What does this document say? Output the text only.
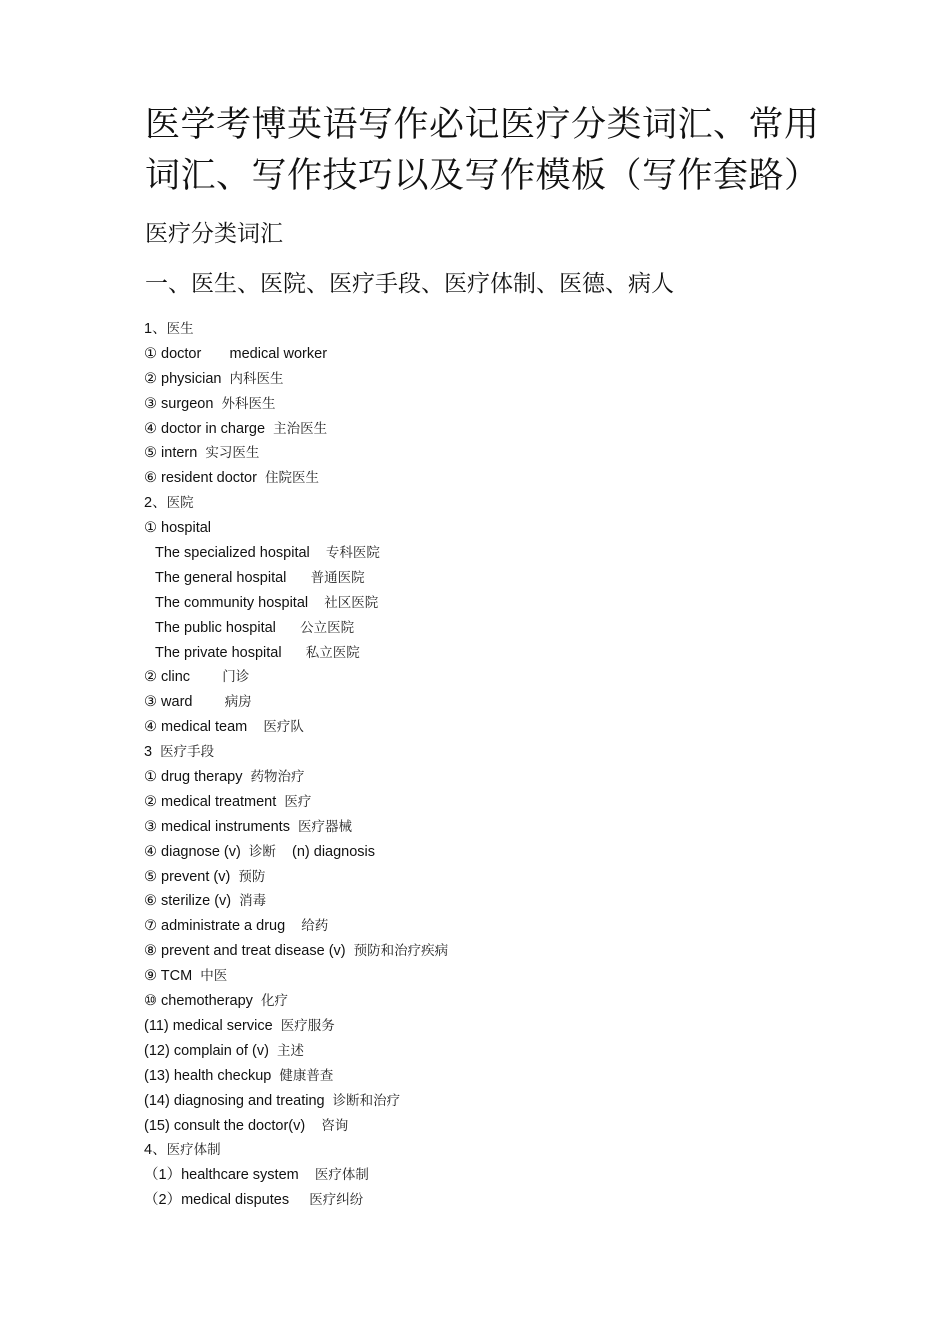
医学考博英语写作必记医疗分类词汇、常用词汇、写作技巧以及写作模板（写作套路）
医疗分类词汇
一、医生、医院、医疗手段、医疗体制、医德、病人
1、医生
① doctor       medical worker
② physician  内科医生
③ surgeon  外科医生
④ doctor in charge  主治医生
⑤ intern  实习医生
⑥ resident doctor  住院医生
2、医院
① hospital
The specialized hospital    专科医院
The general hospital      普通医院
The community hospital    社区医院
The public hospital      公立医院
The private hospital      私立医院
② clinc        门诊
③ ward        病房
④ medical team    医疗队
3  医疗手段
① drug therapy  药物治疗
② medical treatment  医疗
③ medical instruments  医疗器械
④ diagnose (v)  诊断    (n) diagnosis
⑤ prevent (v)  预防
⑥ sterilize (v)  消毒
⑦ administrate a drug    给药
⑧ prevent and treat disease (v)  预防和治疗疾病
⑨ TCM  中医
⑩ chemotherapy  化疗
(11) medical service  医疗服务
(12) complain of (v)  主述
(13) health checkup  健康普查
(14) diagnosing and treating  诊断和治疗
(15) consult the doctor(v)    咨询
4、医疗体制
（1）healthcare system    医疗体制
（2）medical disputes     医疗纠纷
